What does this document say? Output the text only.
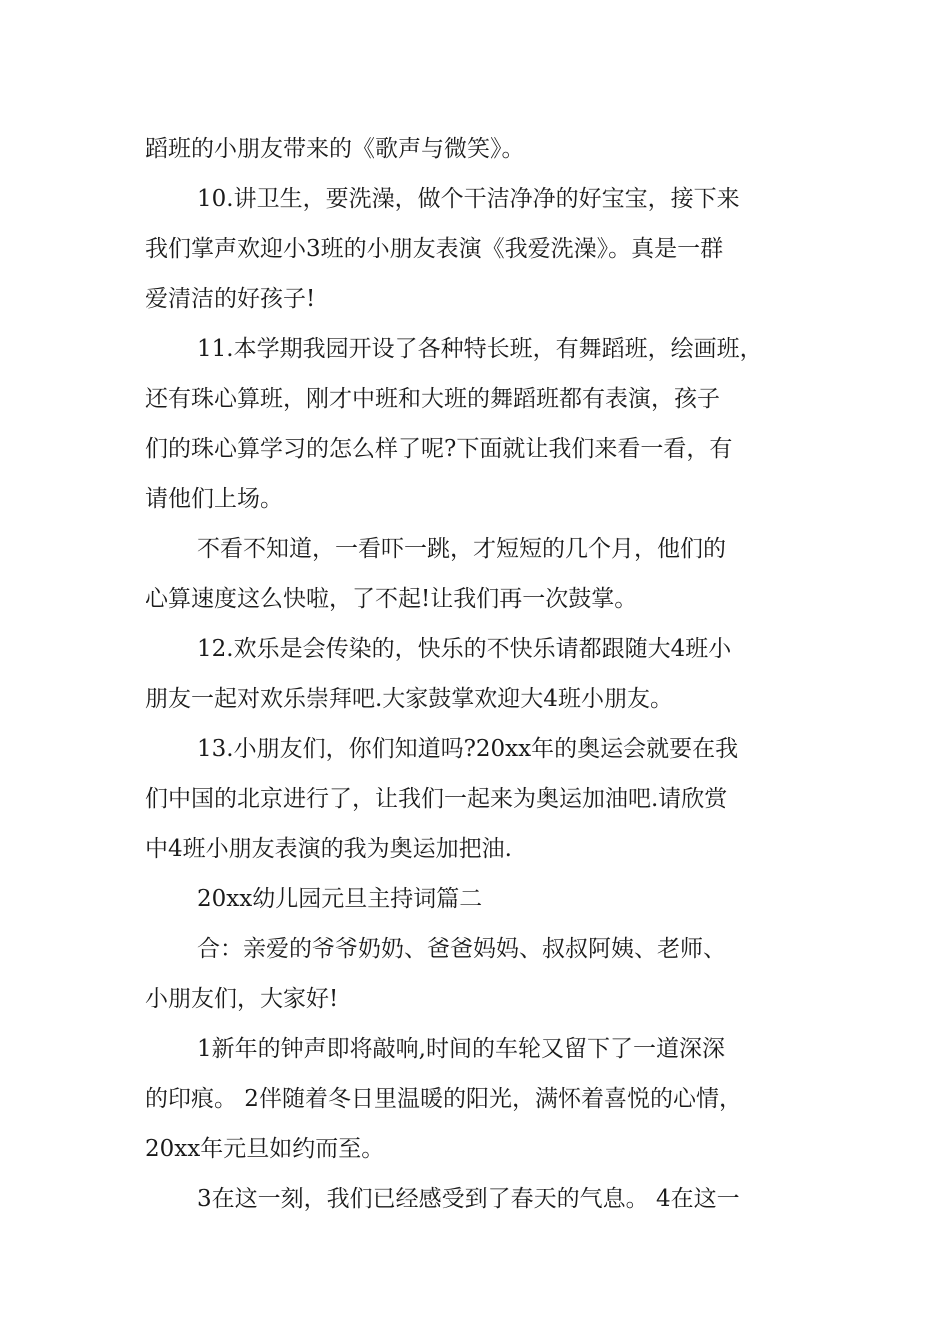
蹈班的小朋友带来的《歌声与微笑》。
10.讲卫生，要洗澡，做个干洁净净的好宝宝，接下来
我们掌声欢迎小3班的小朋友表演《我爱洗澡》。真是一群
爱清洁的好孩子!
11.本学期我园开设了各种特长班，有舞蹈班，绘画班，
还有珠心算班，刚才中班和大班的舞蹈班都有表演，孩子
们的珠心算学习的怎么样了呢?下面就让我们来看一看，有
请他们上场。
不看不知道，一看吓一跳，才短短的几个月，他们的
心算速度这么快啦，了不起!让我们再一次鼓掌。
12.欢乐是会传染的，快乐的不快乐请都跟随大4班小
朋友一起对欢乐崇拜吧.大家鼓掌欢迎大4班小朋友。
13.小朋友们，你们知道吗?20xx年的奥运会就要在我
们中国的北京进行了，让我们一起来为奥运加油吧.请欣赏
中4班小朋友表演的我为奥运加把油.
20xx幼儿园元旦主持词篇二
合：亲爱的爷爷奶奶、爸爸妈妈、叔叔阿姨、老师、
小朋友们，大家好!
1新年的钟声即将敲响,时间的车轮又留下了一道深深
的印痕。 2伴随着冬日里温暖的阳光，满怀着喜悦的心情，
20xx年元旦如约而至。
3在这一刻，我们已经感受到了春天的气息。 4在这一
